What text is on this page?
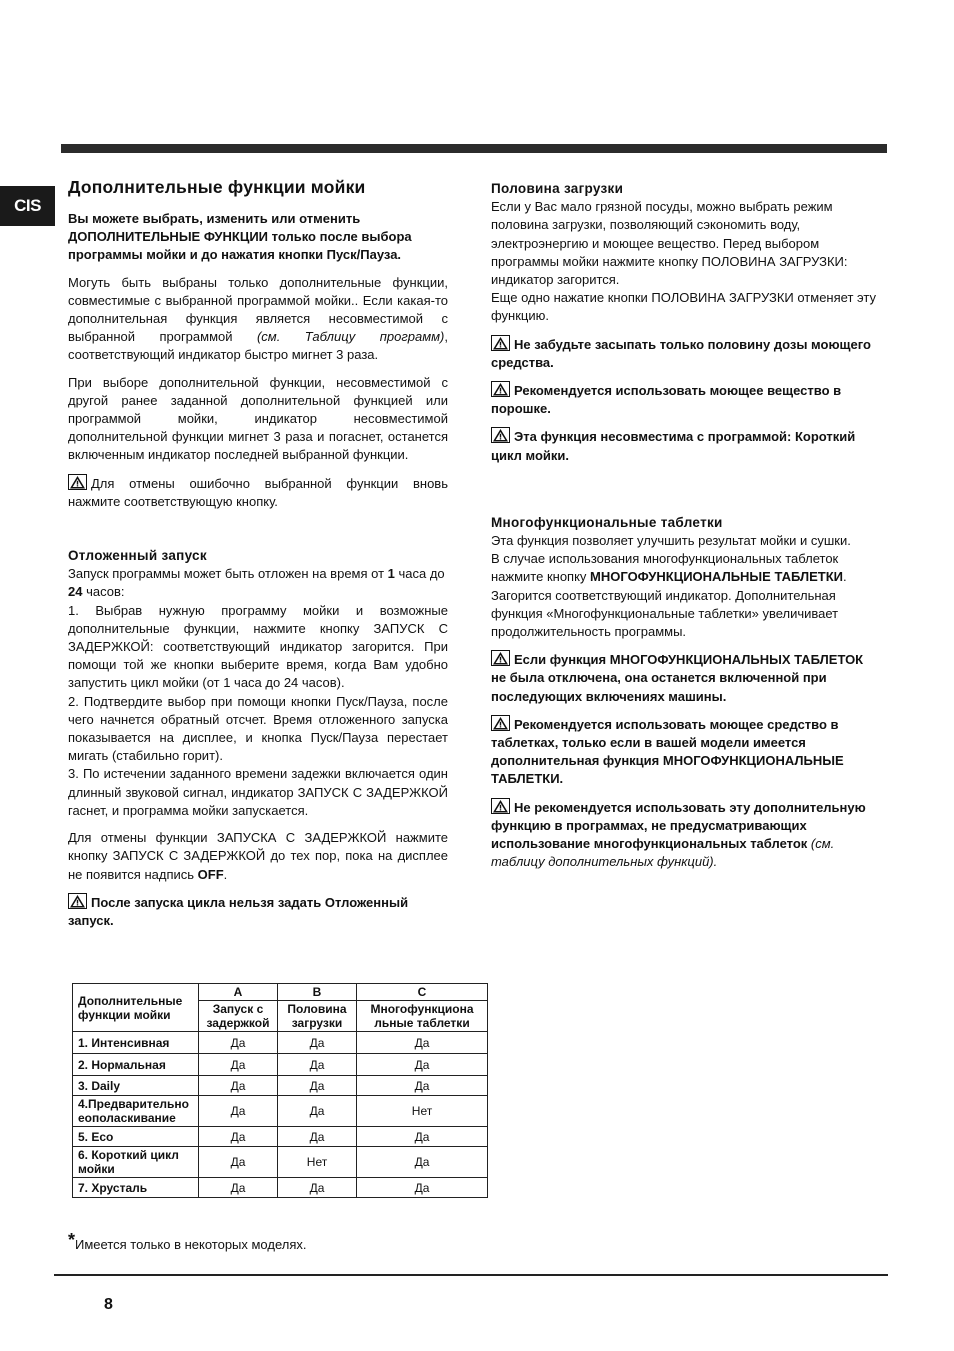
CIS
Дополнительные функции мойки

Вы можете выбрать, изменить или отменить ДОПОЛНИТЕЛЬНЫЕ ФУНКЦИИ только после выбора программы мойки и до нажатия кнопки Пуск/Пауза.

Могуть быть выбраны только дополнительные функции, совместимые с выбранной программой мойки.. Если какая-то дополнительная функция является несовместимой с выбранной программой (см. Таблицу программ), соответствующий индикатор быстро мигнет 3 раза.

При выборе дополнительной функции, несовместимой с другой ранее заданной дополнительной функцией или программой мойки, индикатор несовместимой дополнительной функции мигнет 3 раза и погаснет, останется включенным индикатор последней выбранной функции.

Для отмены ошибочно выбранной функции вновь нажмите соответствующую кнопку.

Отложенный запуск

Запуск программы может быть отложен на время от 1 часа до 24 часов:

1. Выбрав нужную программу мойки и возможные дополнительные функции, нажмите кнопку ЗАПУСК С ЗАДЕРЖКОЙ: соответствующий индикатор загорится. При помощи той же кнопки выберите время, когда Вам удобно запустить цикл мойки (от 1 часа до 24 часов).

2. Подтвердите выбор при помощи кнопки Пуск/Пауза, после чего начнется обратный отсчет. Время отложенного запуска показывается на дисплее, и кнопка Пуск/Пауза перестает мигать (стабильно горит).

3. По истечении заданного времени задежки включается один длинный звуковой сигнал, индикатор ЗАПУСК С ЗАДЕРЖКОЙ гаснет, и программа мойки запускается.

Для отмены функции ЗАПУСКА С ЗАДЕРЖКОЙ нажмите кнопку ЗАПУСК С ЗАДЕРЖКОЙ до тех пор, пока на дисплее не появится надпись OFF.

После запуска цикла нельзя задать Отложенный запуск.

Половина загрузки

Если у Вас мало грязной посуды, можно выбрать режим половина загрузки, позволяющий сэкономить воду, электроэнергию и моющее вещество. Перед выбором программы мойки нажмите кнопку ПОЛОВИНА ЗАГРУЗКИ: индикатор загорится.

Еще одно нажатие кнопки ПОЛОВИНА ЗАГРУЗКИ отменяет эту функцию.

Не забудьте засыпать только половину дозы моющего средства.

Рекомендуется использовать моющее вещество в порошке.

Эта функция несовместима с программой: Короткий цикл мойки.

Многофункциональные таблетки

Эта функция позволяет улучшить результат мойки и сушки.

В случае использования многофункциональных таблеток нажмите кнопку МНОГОФУНКЦИОНАЛЬНЫЕ ТАБЛЕТКИ. Загорится соответствующий индикатор. Дополнительная функция «Многофункциональные таблетки» увеличивает продолжительность программы.

Если функция МНОГОФУНКЦИОНАЛЬНЫХ ТАБЛЕТОК не была отключена, она останется включенной при последующих включениях машины.

Рекомендуется использовать моющее средство в таблетках, только если в вашей модели имеется дополнительная функция МНОГОФУНКЦИОНАЛЬНЫЕ ТАБЛЕТКИ.

Не рекомендуется использовать эту дополнительную функцию в программах, не предусматривающих использование многофункциональных таблеток (см. таблицу дополнительных функций).

Дополнительные функции мойки	A	B	C
	Запуск с задержкой	Половина загрузки	Многофункциона льные таблетки
1. Интенсивная	Да	Да	Да
2. Нормальная	Да	Да	Да
3. Daily	Да	Да	Да
4.Предварительно еополаскивание	Да	Да	Нет
5. Eco	Да	Да	Да
6. Короткий цикл мойки	Да	Нет	Да
7. Хрусталь	Да	Да	Да
*Имеется только в некоторых моделях.
8
